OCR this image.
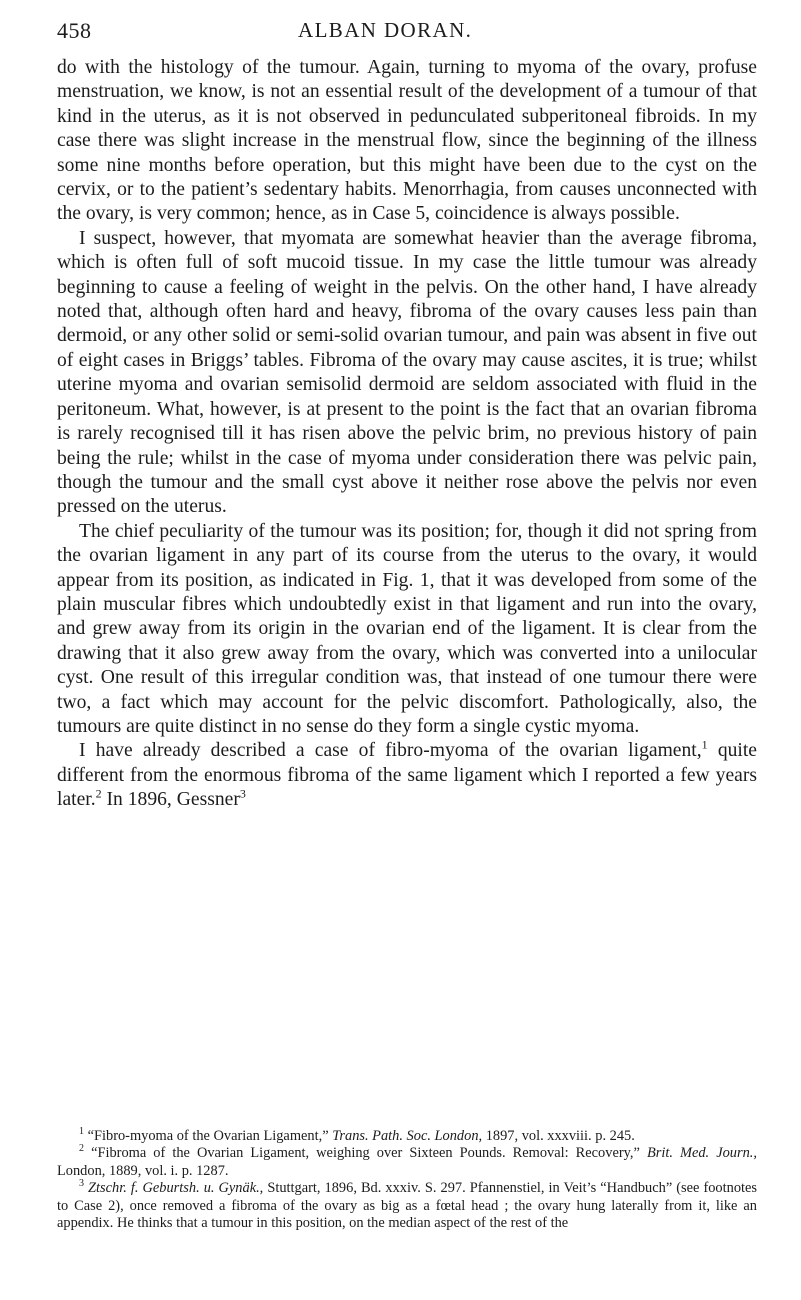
458	ALBAN DORAN.

do with the histology of the tumour. Again, turning to myoma of the ovary, profuse menstruation, we know, is not an essential result of the development of a tumour of that kind in the uterus, as it is not observed in pedunculated subperitoneal fibroids. In my case there was slight increase in the menstrual flow, since the beginning of the illness some nine months before operation, but this might have been due to the cyst on the cervix, or to the patient’s sedentary habits. Menorrhagia, from causes unconnected with the ovary, is very common; hence, as in Case 5, coincidence is always possible.

I suspect, however, that myomata are somewhat heavier than the average fibroma, which is often full of soft mucoid tissue. In my case the little tumour was already beginning to cause a feeling of weight in the pelvis. On the other hand, I have already noted that, although often hard and heavy, fibroma of the ovary causes less pain than dermoid, or any other solid or semi-solid ovarian tumour, and pain was absent in five out of eight cases in Briggs’ tables. Fibroma of the ovary may cause ascites, it is true; whilst uterine myoma and ovarian semisolid dermoid are seldom associated with fluid in the peritoneum. What, however, is at present to the point is the fact that an ovarian fibroma is rarely recognised till it has risen above the pelvic brim, no previous history of pain being the rule; whilst in the case of myoma under consideration there was pelvic pain, though the tumour and the small cyst above it neither rose above the pelvis nor even pressed on the uterus.

The chief peculiarity of the tumour was its position; for, though it did not spring from the ovarian ligament in any part of its course from the uterus to the ovary, it would appear from its position, as indicated in Fig. 1, that it was developed from some of the plain muscular fibres which undoubtedly exist in that ligament and run into the ovary, and grew away from its origin in the ovarian end of the ligament. It is clear from the drawing that it also grew away from the ovary, which was converted into a unilocular cyst. One result of this irregular condition was, that instead of one tumour there were two, a fact which may account for the pelvic discomfort. Pathologically, also, the tumours are quite distinct in no sense do they form a single cystic myoma.

I have already described a case of fibro-myoma of the ovarian ligament,$^1$ quite different from the enormous fibroma of the same ligament which I reported a few years later.$^2$ In 1896, Gessner$^3$

$^1$ “Fibro-myoma of the Ovarian Ligament,” Trans. Path. Soc. London, 1897, vol. xxxviii. p. 245.

$^2$ “Fibroma of the Ovarian Ligament, weighing over Sixteen Pounds. Removal: Recovery,” Brit. Med. Journ., London, 1889, vol. i. p. 1287.

$^3$ Ztschr. f. Geburtsh. u. Gynäk., Stuttgart, 1896, Bd. xxxiv. S. 297. Pfannenstiel, in Veit’s “Handbuch” (see footnotes to Case 2), once removed a fibroma of the ovary as big as a fœtal head ; the ovary hung laterally from it, like an appendix. He thinks that a tumour in this position, on the median aspect of the rest of the
